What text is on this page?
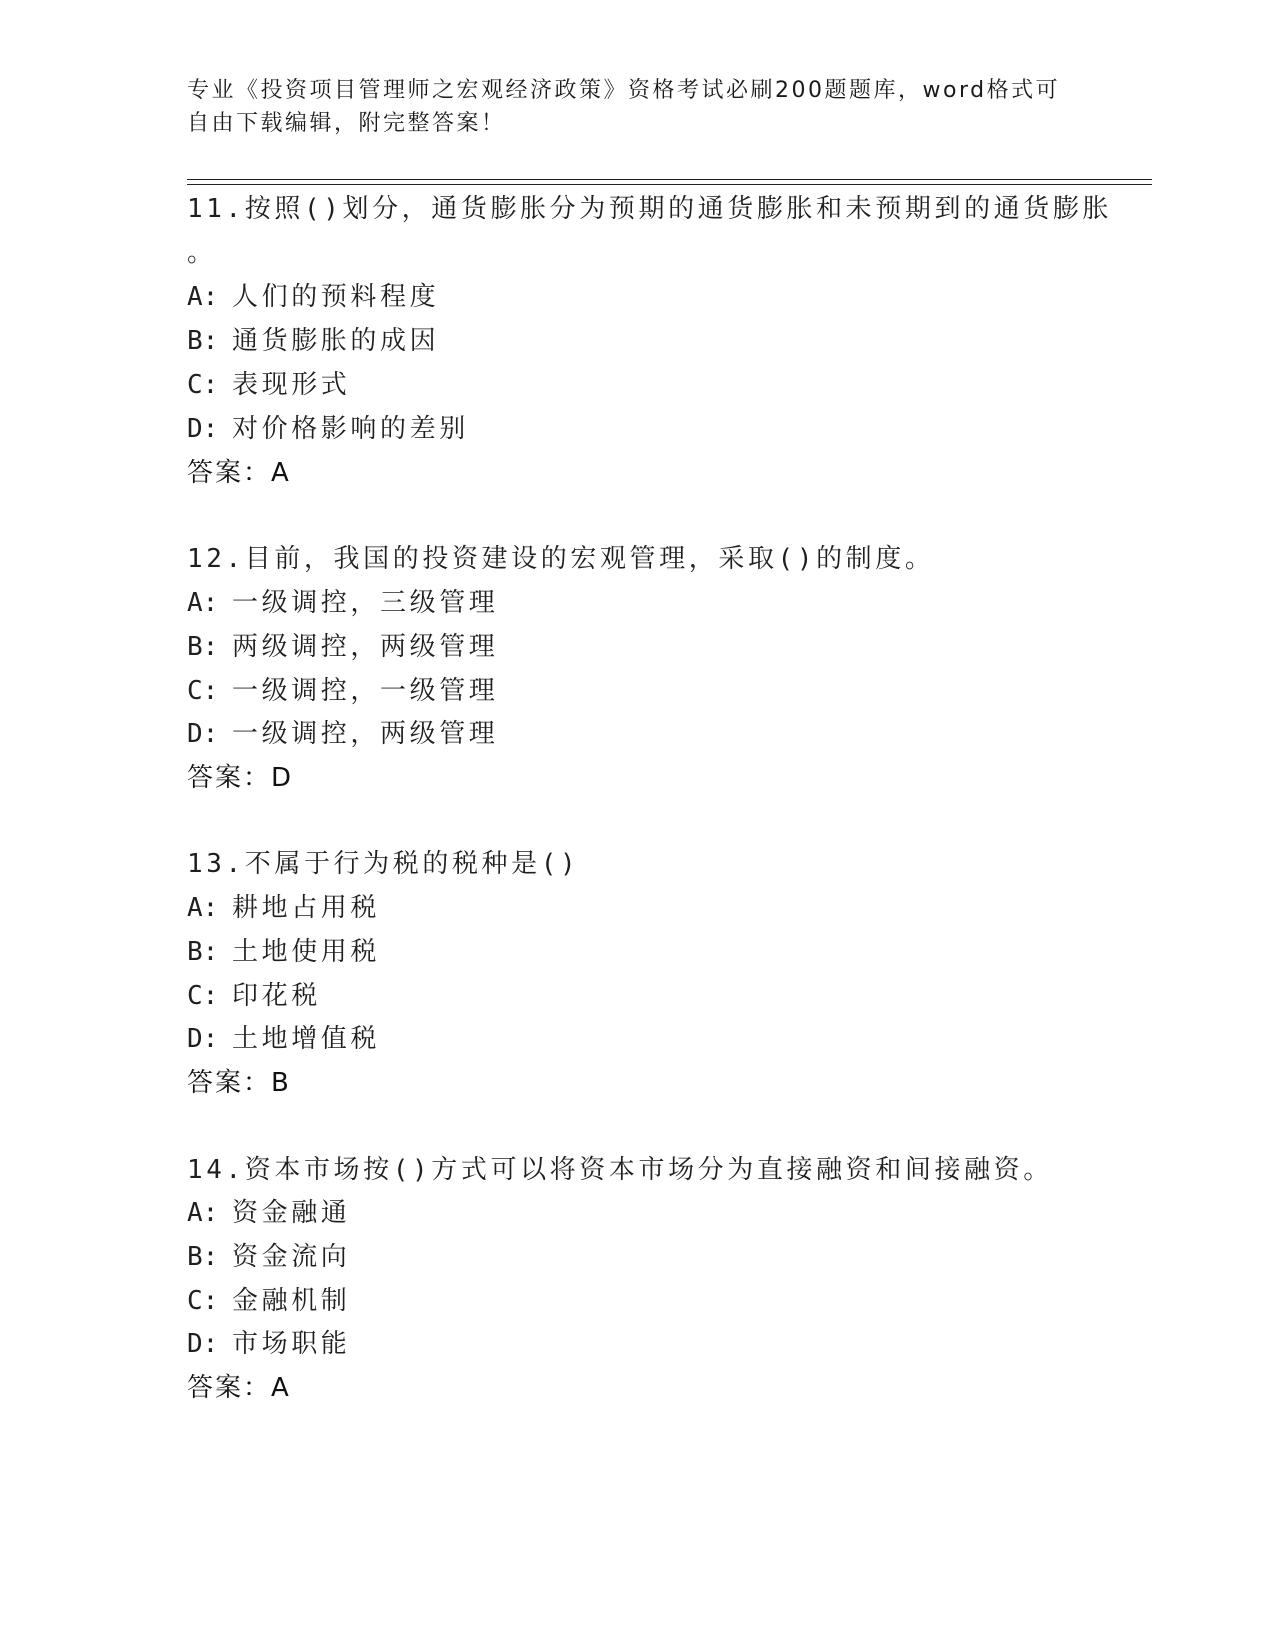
专业《投资项目管理师之宏观经济政策》资格考试必刷200题题库，word格式可
自由下载编辑，附完整答案！
11.按照()划分，通货膨胀分为预期的通货膨胀和未预期到的通货膨胀
。
A: 人们的预料程度
B: 通货膨胀的成因
C: 表现形式
D: 对价格影响的差别
答案：A
12.目前，我国的投资建设的宏观管理，采取()的制度。
A: 一级调控，三级管理
B: 两级调控，两级管理
C: 一级调控，一级管理
D: 一级调控，两级管理
答案：D
13.不属于行为税的税种是()
A: 耕地占用税
B: 土地使用税
C: 印花税
D: 土地增值税
答案：B
14.资本市场按()方式可以将资本市场分为直接融资和间接融资。
A: 资金融通
B: 资金流向
C: 金融机制
D: 市场职能
答案：A
